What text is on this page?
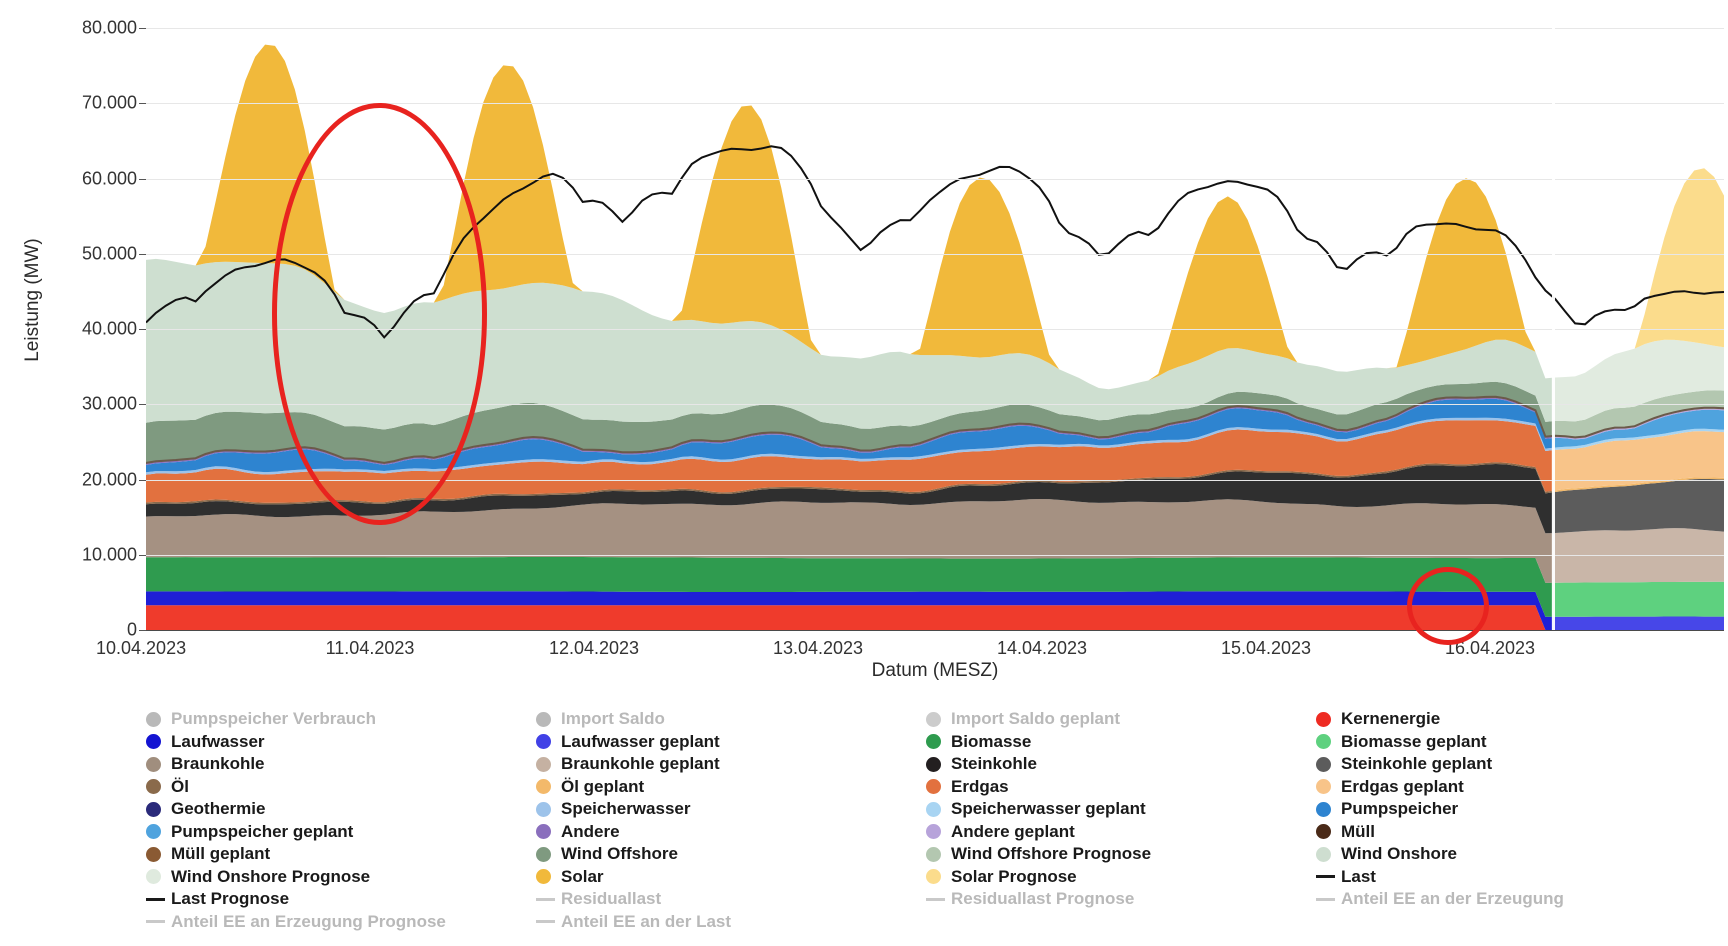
Leistung (MW)
0
10.000
20.000
30.000
40.000
50.000
60.000
70.000
80.000
10.04.2023	11.04.2023	12.04.2023	13.04.2023	14.04.2023	15.04.2023	16.04.2023
Datum (MESZ)
Pumpspeicher Verbrauch	Import Saldo	Import Saldo geplant	Kernenergie
Laufwasser	Laufwasser geplant	Biomasse	Biomasse geplant
Braunkohle	Braunkohle geplant	Steinkohle	Steinkohle geplant
Öl	Öl geplant	Erdgas	Erdgas geplant
Geothermie	Speicherwasser	Speicherwasser geplant	Pumpspeicher
Pumpspeicher geplant	Andere	Andere geplant	Müll
Müll geplant	Wind Offshore	Wind Offshore Prognose	Wind Onshore
Wind Onshore Prognose	Solar	Solar Prognose	Last
Last Prognose	Residuallast	Residuallast Prognose	Anteil EE an der Erzeugung
Anteil EE an Erzeugung Prognose	Anteil EE an der Last
